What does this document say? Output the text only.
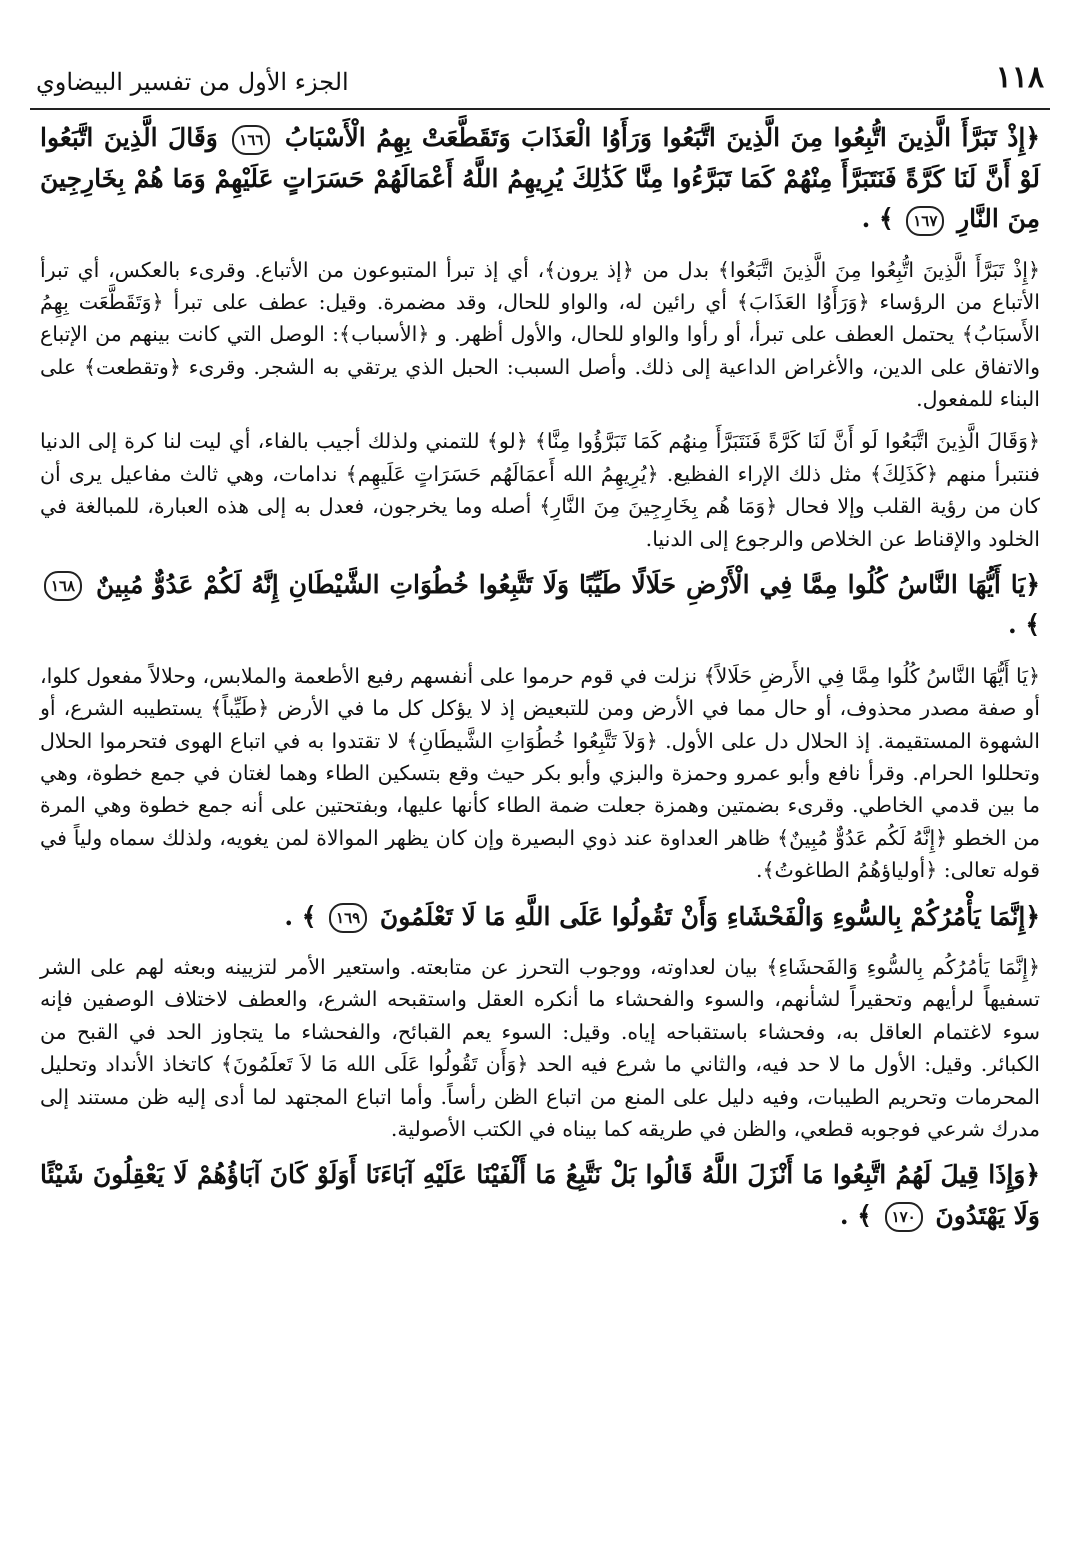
١١٨
الجزء الأول من تفسير البيضاوي

﴿إِذْ تَبَرَّأَ الَّذِينَ اتُّبِعُوا مِنَ الَّذِينَ اتَّبَعُوا وَرَأَوُا الْعَذَابَ وَتَقَطَّعَتْ بِهِمُ الْأَسْبَابُ ١٦٦ وَقَالَ الَّذِينَ اتَّبَعُوا لَوْ أَنَّ لَنَا كَرَّةً فَنَتَبَرَّأَ مِنْهُمْ كَمَا تَبَرَّءُوا مِنَّا كَذَٰلِكَ يُرِيهِمُ اللَّهُ أَعْمَالَهُمْ حَسَرَاتٍ عَلَيْهِمْ وَمَا هُمْ بِخَارِجِينَ مِنَ النَّارِ ١٦٧ ﴾ .

﴿إِذْ تَبَرَّأَ الَّذِينَ اتُّبِعُوا مِنَ الَّذِينَ اتَّبَعُوا﴾ بدل من ﴿إذ يرون﴾، أي إذ تبرأ المتبوعون من الأتباع. وقرىء بالعكس، أي تبرأ الأتباع من الرؤساء ﴿وَرَأَوُا العَذَابَ﴾ أي رائين له، والواو للحال، وقد مضمرة. وقيل: عطف على تبرأ ﴿وَتَقَطَّعَت بِهِمُ الأَسبَابُ﴾ يحتمل العطف على تبرأ، أو رأوا والواو للحال، والأول أظهر. و ﴿الأسباب﴾: الوصل التي كانت بينهم من الإتباع والاتفاق على الدين، والأغراض الداعية إلى ذلك. وأصل السبب: الحبل الذي يرتقي به الشجر. وقرىء ﴿وتقطعت﴾ على البناء للمفعول.

﴿وَقَالَ الَّذِينَ اتَّبَعُوا لَو أَنَّ لَنَا كَرَّةً فَنَتَبَرَّأَ مِنهُم كَمَا تَبَرَّؤُوا مِنَّا﴾ ﴿لو﴾ للتمني ولذلك أجيب بالفاء، أي ليت لنا كرة إلى الدنيا فنتبرأ منهم ﴿كَذَلِكَ﴾ مثل ذلك الإراء الفظيع. ﴿يُرِيهِمُ الله أَعمَالَهُم حَسَرَاتٍ عَلَيهِم﴾ ندامات، وهي ثالث مفاعيل يرى أن كان من رؤية القلب وإلا فحال ﴿وَمَا هُم بِخَارِجِينَ مِنَ النَّارِ﴾ أصله وما يخرجون، فعدل به إلى هذه العبارة، للمبالغة في الخلود والإقناط عن الخلاص والرجوع إلى الدنيا.

﴿يَا أَيُّهَا النَّاسُ كُلُوا مِمَّا فِي الْأَرْضِ حَلَالًا طَيِّبًا وَلَا تَتَّبِعُوا خُطُوَاتِ الشَّيْطَانِ إِنَّهُ لَكُمْ عَدُوٌّ مُبِينٌ ١٦٨ ﴾ .

﴿يَا أَيُّهَا النَّاسُ كُلُوا مِمَّا فِي الأَرضِ حَلَالاً﴾ نزلت في قوم حرموا على أنفسهم رفيع الأطعمة والملابس، وحلالاً مفعول كلوا، أو صفة مصدر محذوف، أو حال مما في الأرض ومن للتبعيض إذ لا يؤكل كل ما في الأرض ﴿طَيِّباً﴾ يستطيبه الشرع، أو الشهوة المستقيمة. إذ الحلال دل على الأول. ﴿وَلاَ تَتَّبِعُوا خُطُوَاتِ الشَّيطَانِ﴾ لا تقتدوا به في اتباع الهوى فتحرموا الحلال وتحللوا الحرام. وقرأ نافع وأبو عمرو وحمزة والبزي وأبو بكر حيث وقع بتسكين الطاء وهما لغتان في جمع خطوة، وهي ما بين قدمي الخاطي. وقرىء بضمتين وهمزة جعلت ضمة الطاء كأنها عليها، وبفتحتين على أنه جمع خطوة وهي المرة من الخطو ﴿إِنَّهُ لَكُم عَدُوٌّ مُبِينٌ﴾ ظاهر العداوة عند ذوي البصيرة وإن كان يظهر الموالاة لمن يغويه، ولذلك سماه ولياً في قوله تعالى: ﴿أولياؤهُمُ الطاغوتُ﴾.

﴿إِنَّمَا يَأْمُرُكُمْ بِالسُّوءِ وَالْفَحْشَاءِ وَأَنْ تَقُولُوا عَلَى اللَّهِ مَا لَا تَعْلَمُونَ ١٦٩ ﴾ .

﴿إِنَّمَا يَأمُرُكُم بِالسُّوءِ وَالفَحشَاءِ﴾ بيان لعداوته، ووجوب التحرز عن متابعته. واستعير الأمر لتزيينه وبعثه لهم على الشر تسفيهاً لرأيهم وتحقيراً لشأنهم، والسوء والفحشاء ما أنكره العقل واستقبحه الشرع، والعطف لاختلاف الوصفين فإنه سوء لاغتمام العاقل به، وفحشاء باستقباحه إياه. وقيل: السوء يعم القبائح، والفحشاء ما يتجاوز الحد في القبح من الكبائر. وقيل: الأول ما لا حد فيه، والثاني ما شرع فيه الحد ﴿وَأَن تَقُولُوا عَلَى الله مَا لاَ تَعلَمُونَ﴾ كاتخاذ الأنداد وتحليل المحرمات وتحريم الطيبات، وفيه دليل على المنع من اتباع الظن رأساً. وأما اتباع المجتهد لما أدى إليه ظن مستند إلى مدرك شرعي فوجوبه قطعي، والظن في طريقه كما بيناه في الكتب الأصولية.

﴿وَإِذَا قِيلَ لَهُمُ اتَّبِعُوا مَا أَنْزَلَ اللَّهُ قَالُوا بَلْ نَتَّبِعُ مَا أَلْفَيْنَا عَلَيْهِ آبَاءَنَا أَوَلَوْ كَانَ آبَاؤُهُمْ لَا يَعْقِلُونَ شَيْئًا وَلَا يَهْتَدُونَ ١٧٠ ﴾ .
